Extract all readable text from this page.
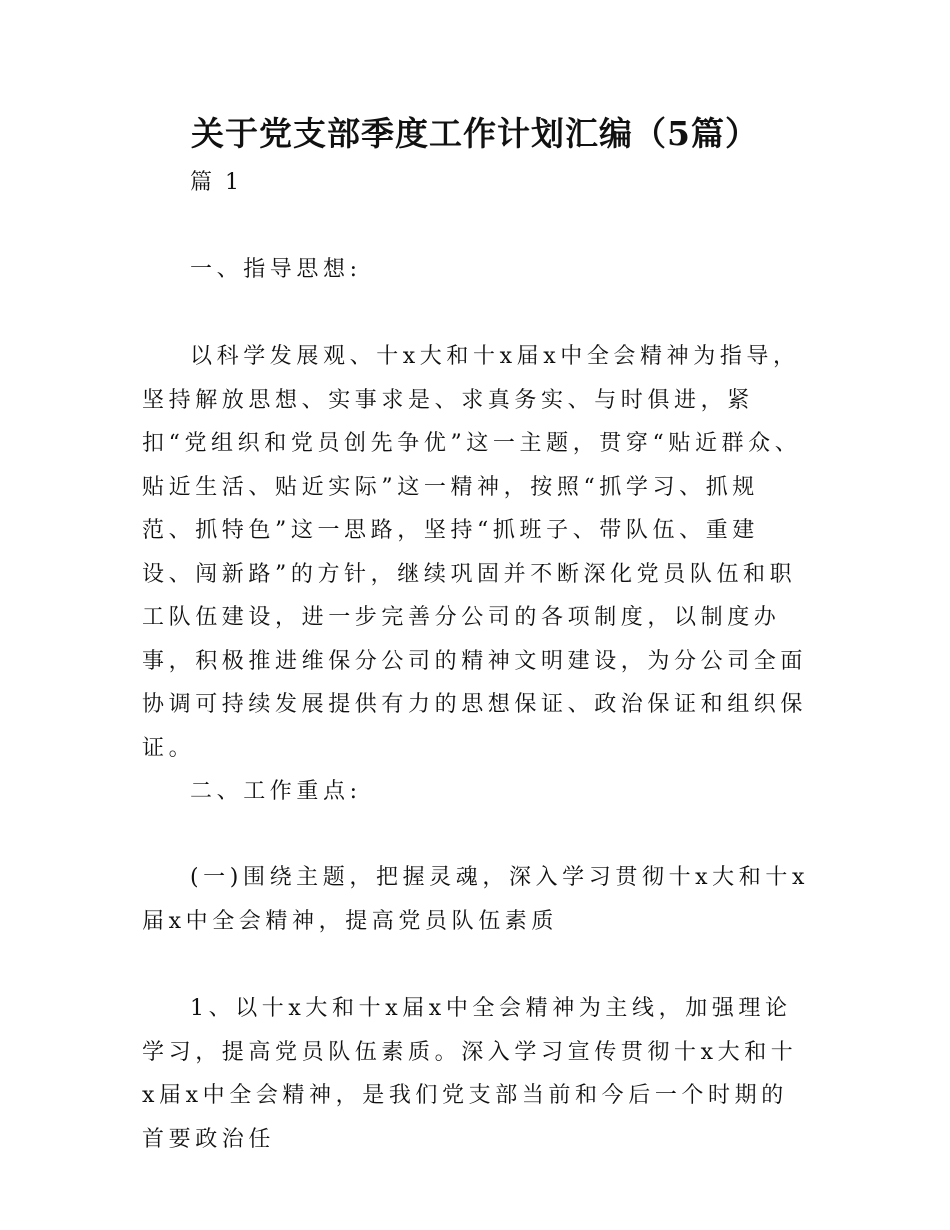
关于党支部季度工作计划汇编（5篇）

篇 1

一、指导思想:

以科学发展观、十x大和十x届x中全会精神为指导，坚持解放思想、实事求是、求真务实、与时俱进，紧扣“党组织和党员创先争优”这一主题，贯穿“贴近群众、贴近生活、贴近实际”这一精神，按照“抓学习、抓规范、抓特色”这一思路，坚持“抓班子、带队伍、重建设、闯新路”的方针，继续巩固并不断深化党员队伍和职工队伍建设，进一步完善分公司的各项制度，以制度办事，积极推进维保分公司的精神文明建设，为分公司全面协调可持续发展提供有力的思想保证、政治保证和组织保证。

二、工作重点:

(一)围绕主题，把握灵魂，深入学习贯彻十x大和十x届x中全会精神，提高党员队伍素质

1、以十x大和十x届x中全会精神为主线，加强理论学习，提高党员队伍素质。深入学习宣传贯彻十x大和十x届x中全会精神，是我们党支部当前和今后一个时期的首要政治任
